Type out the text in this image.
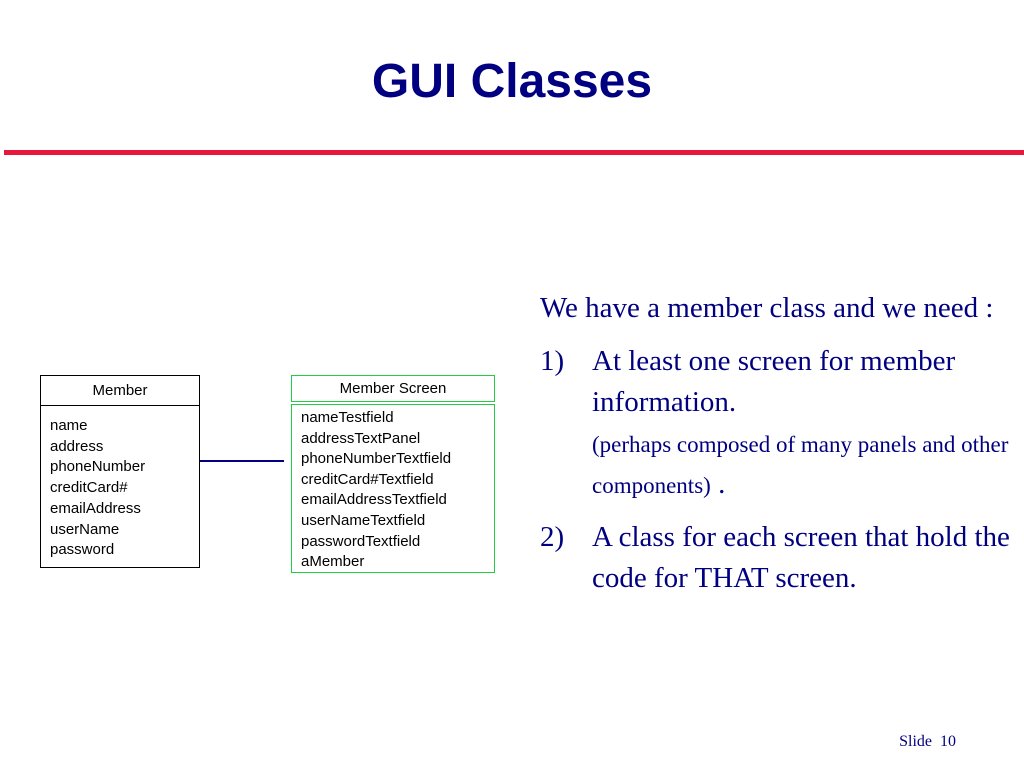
GUI Classes
Member
name
address
phoneNumber
creditCard#
emailAddress
userName
password
Member Screen
nameTestfield
addressTextPanel
phoneNumberTextfield
creditCard#Textfield
emailAddressTextfield
userNameTextfield
passwordTextfield
aMember

We have a member class and we need :

1) At least one screen for member information.
(perhaps composed of many panels and other components) .

2) A class for each screen that hold the code for THAT screen.

Slide 10
